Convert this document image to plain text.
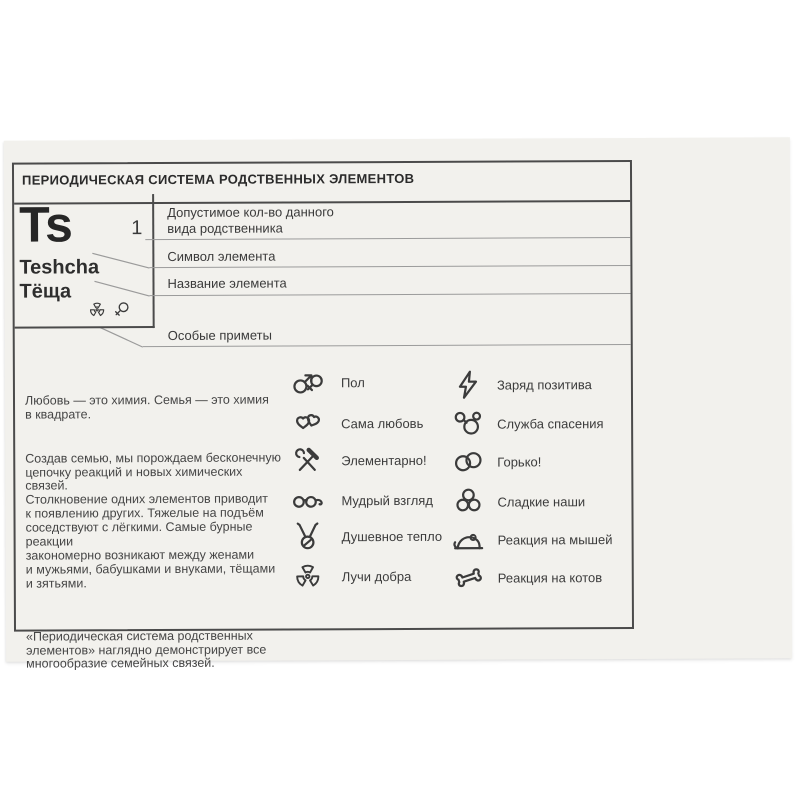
ПЕРИОДИЧЕСКАЯ СИСТЕМА РОДСТВЕННЫХ ЭЛЕМЕНТОВ
Ts	1
Teshcha
Тёща
Допустимое кол-во данного
вида родственника
Символ элемента
Название элемента
Особые приметы

Любовь — это химия. Семья — это химия
в квадрате.

Создав семью, мы порождаем бесконечную
цепочку реакций и новых химических связей.
Столкновение одних элементов приводит
к появлению других. Тяжелые на подъём
соседствуют с лёгкими. Самые бурные реакции
закономерно возникают между женами
и мужьями, бабушками и внуками, тёщами
и зятьями.

«Периодическая система родственных
элементов» наглядно демонстрирует все
многообразие семейных связей.

Пол
Сама любовь
Элементарно!
Мудрый взгляд
Душевное тепло
Лучи добра
Заряд позитива
Служба спасения
Горько!
Сладкие наши
Реакция на мышей
Реакция на котов
